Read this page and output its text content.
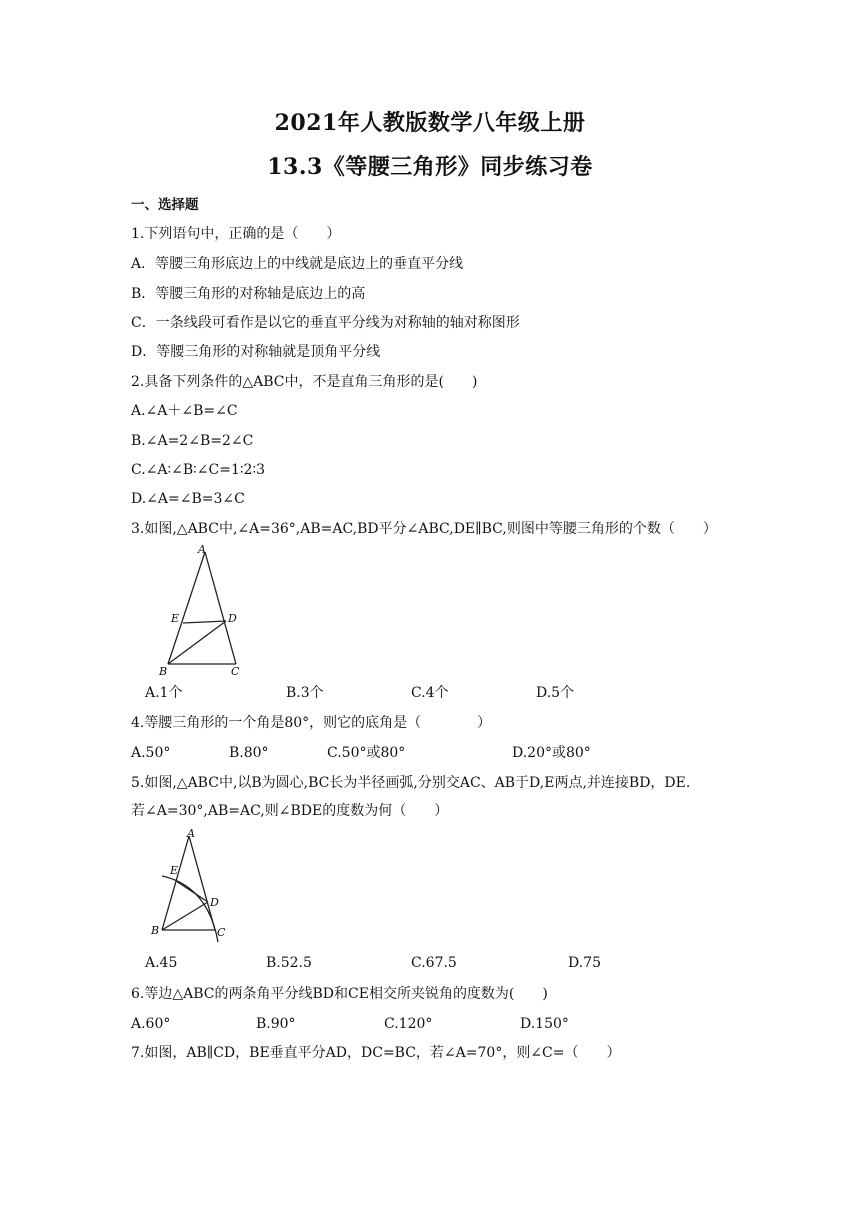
2021年人教版数学八年级上册
13.3《等腰三角形》同步练习卷
一、选择题
1.下列语句中，正确的是（　　）
A．等腰三角形底边上的中线就是底边上的垂直平分线
B．等腰三角形的对称轴是底边上的高
C．一条线段可看作是以它的垂直平分线为对称轴的轴对称图形
D．等腰三角形的对称轴就是顶角平分线
2.具备下列条件的△ABC中，不是直角三角形的是(　　)
A.∠A＋∠B=∠C
B.∠A=2∠B=2∠C
C.∠A∶∠B∶∠C=1∶2∶3
D.∠A=∠B=3∠C
3.如图,△ABC中,∠A=36°,AB=AC,BD平分∠ABC,DE∥BC,则图中等腰三角形的个数（　　）
A
E	D
B	C
A.1个	B.3个	C.4个	D.5个
4.等腰三角形的一个角是80°，则它的底角是（　　　　）
A.50°	B.80°	C.50°或80°	D.20°或80°
5.如图,△ABC中,以B为圆心,BC长为半径画弧,分别交AC、AB于D,E两点,并连接BD，DE.
若∠A=30°,AB=AC,则∠BDE的度数为何（　　）
A
E
D
B	C
A.45	B.52.5	C.67.5	D.75
6.等边△ABC的两条角平分线BD和CE相交所夹锐角的度数为(　　)
A.60°	B.90°	C.120°	D.150°
7.如图，AB∥CD，BE垂直平分AD，DC=BC，若∠A=70°，则∠C=（　　）
